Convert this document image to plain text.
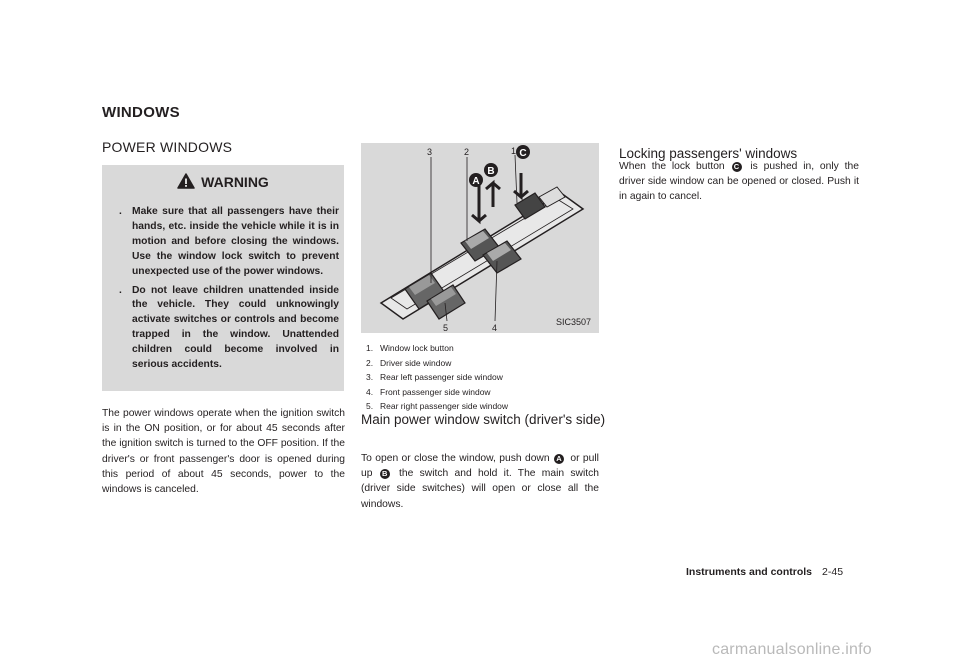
WINDOWS
POWER WINDOWS
WARNING
. Make sure that all passengers have their hands, etc. inside the vehicle while it is in motion and before closing the windows. Use the window lock switch to prevent unexpected use of the power windows.
. Do not leave children unattended inside the vehicle. They could unknowingly activate switches or controls and become trapped in the window. Unattended children could become involved in serious accidents.
The power windows operate when the ignition switch is in the ON position, or for about 45 seconds after the ignition switch is turned to the OFF position. If the driver's or front passenger's door is opened during this period of about 45 seconds, power to the windows is canceled.
3	2	1
5	4
A
B
C
SIC3507
1. Window lock button
2. Driver side window
3. Rear left passenger side window
4. Front passenger side window
5. Rear right passenger side window
Main power window switch (driver's side)
To open or close the window, push down A or pull up B the switch and hold it. The main switch (driver side switches) will open or close all the windows.
Locking passengers' windows
When the lock button C is pushed in, only the driver side window can be opened or closed. Push it in again to cancel.
Instruments and controls 2-45
carmanualsonline.info
